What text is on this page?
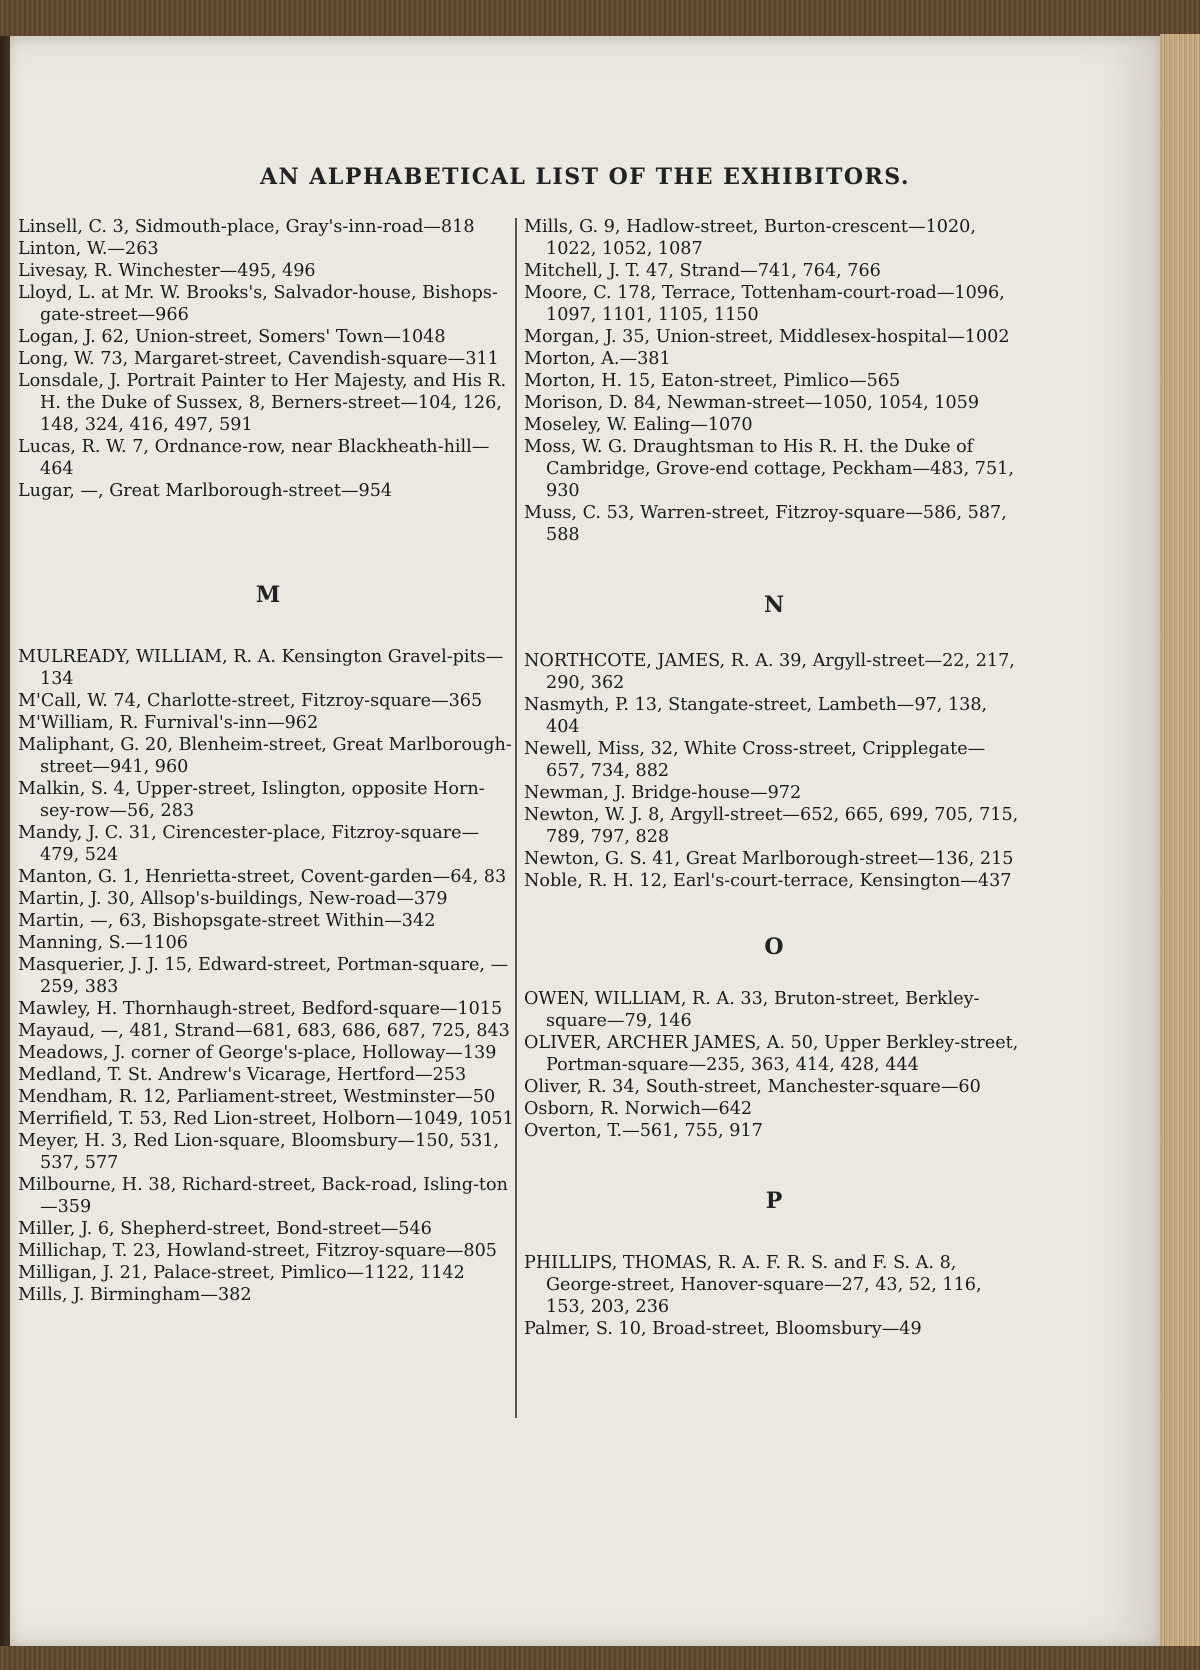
AN ALPHABETICAL LIST OF THE EXHIBITORS.

Linsell, C. 3, Sidmouth-place, Gray's-inn-road—818

Linton, W.—263

Livesay, R. Winchester—495, 496

Lloyd, L. at Mr. W. Brooks's, Salvador-house, Bishops-gate-street—966

Logan, J. 62, Union-street, Somers' Town—1048

Long, W. 73, Margaret-street, Cavendish-square—311

Lonsdale, J. Portrait Painter to Her Majesty, and His R. H. the Duke of Sussex, 8, Berners-street—104, 126, 148, 324, 416, 497, 591

Lucas, R. W. 7, Ordnance-row, near Blackheath-hill—464

Lugar, —, Great Marlborough-street—954

M

MULREADY, WILLIAM, R. A. Kensington Gravel-pits—134

M'Call, W. 74, Charlotte-street, Fitzroy-square—365

M'William, R. Furnival's-inn—962

Maliphant, G. 20, Blenheim-street, Great Marlborough-street—941, 960

Malkin, S. 4, Upper-street, Islington, opposite Horn-sey-row—56, 283

Mandy, J. C. 31, Cirencester-place, Fitzroy-square—479, 524

Manton, G. 1, Henrietta-street, Covent-garden—64, 83

Martin, J. 30, Allsop's-buildings, New-road—379

Martin, —, 63, Bishopsgate-street Within—342

Manning, S.—1106

Masquerier, J. J. 15, Edward-street, Portman-square, —259, 383

Mawley, H. Thornhaugh-street, Bedford-square—1015

Mayaud, —, 481, Strand—681, 683, 686, 687, 725, 843

Meadows, J. corner of George's-place, Holloway—139

Medland, T. St. Andrew's Vicarage, Hertford—253

Mendham, R. 12, Parliament-street, Westminster—50

Merrifield, T. 53, Red Lion-street, Holborn—1049, 1051

Meyer, H. 3, Red Lion-square, Bloomsbury—150, 531, 537, 577

Milbourne, H. 38, Richard-street, Back-road, Isling-ton—359

Miller, J. 6, Shepherd-street, Bond-street—546

Millichap, T. 23, Howland-street, Fitzroy-square—805

Milligan, J. 21, Palace-street, Pimlico—1122, 1142

Mills, J. Birmingham—382

Mills, G. 9, Hadlow-street, Burton-crescent—1020, 1022, 1052, 1087

Mitchell, J. T. 47, Strand—741, 764, 766

Moore, C. 178, Terrace, Tottenham-court-road—1096, 1097, 1101, 1105, 1150

Morgan, J. 35, Union-street, Middlesex-hospital—1002

Morton, A.—381

Morton, H. 15, Eaton-street, Pimlico—565

Morison, D. 84, Newman-street—1050, 1054, 1059

Moseley, W. Ealing—1070

Moss, W. G. Draughtsman to His R. H. the Duke of Cambridge, Grove-end cottage, Peckham—483, 751, 930

Muss, C. 53, Warren-street, Fitzroy-square—586, 587, 588

N

NORTHCOTE, JAMES, R. A. 39, Argyll-street—22, 217, 290, 362

Nasmyth, P. 13, Stangate-street, Lambeth—97, 138, 404

Newell, Miss, 32, White Cross-street, Cripplegate—657, 734, 882

Newman, J. Bridge-house—972

Newton, W. J. 8, Argyll-street—652, 665, 699, 705, 715, 789, 797, 828

Newton, G. S. 41, Great Marlborough-street—136, 215

Noble, R. H. 12, Earl's-court-terrace, Kensington—437

O

OWEN, WILLIAM, R. A. 33, Bruton-street, Berkley-square—79, 146

OLIVER, ARCHER JAMES, A. 50, Upper Berkley-street, Portman-square—235, 363, 414, 428, 444

Oliver, R. 34, South-street, Manchester-square—60

Osborn, R. Norwich—642

Overton, T.—561, 755, 917

P

PHILLIPS, THOMAS, R. A. F. R. S. and F. S. A. 8, George-street, Hanover-square—27, 43, 52, 116, 153, 203, 236

Palmer, S. 10, Broad-street, Bloomsbury—49
